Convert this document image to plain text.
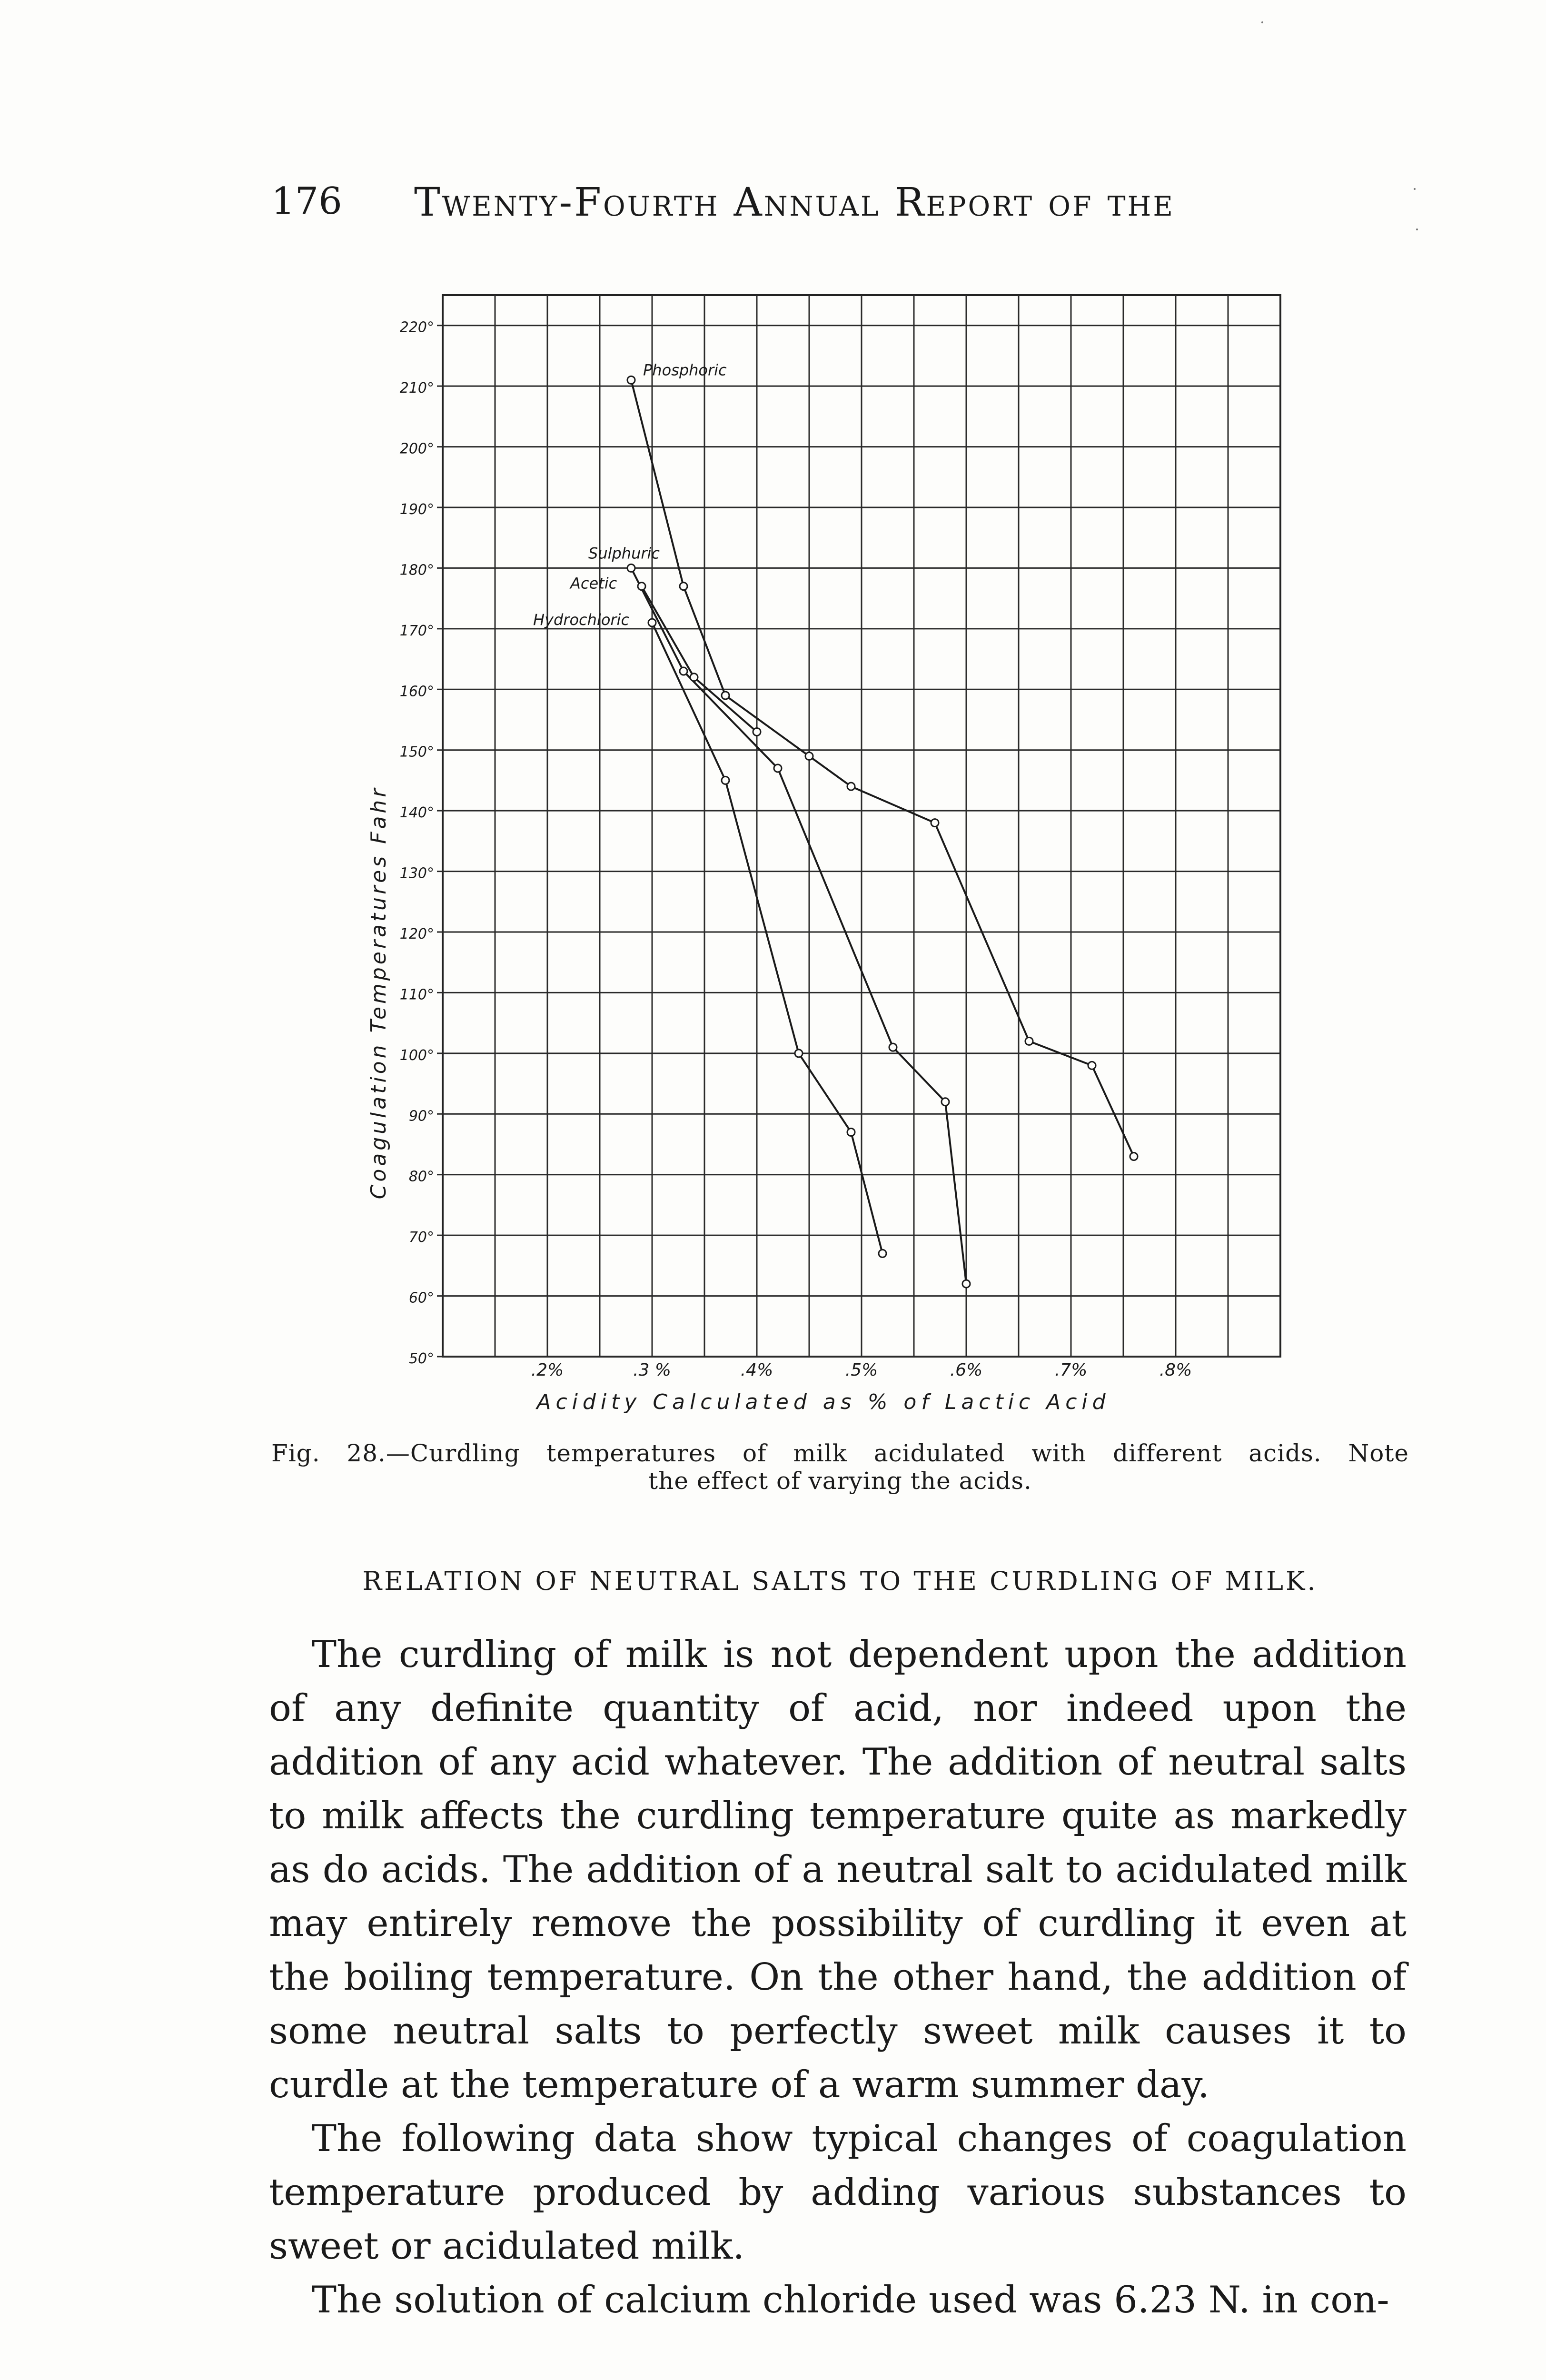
176 Twenty-Fourth Annual Report of the
Phosphoric
Sulphuric
Acetic
Hydrochloric
220°
210°
200°
190°
180°
170°
160°
150°
140°
130°
120°
110°
100°
90°
80°
70°
60°
50°
.2%	.3 %	.4%	.5%	.6%	.7%	.8%
Coagulation Temperatures Fahr
Acidity Calculated as % of Lactic Acid
Fig. 28.—Curdling temperatures of milk acidulated with different acids. Note
the effect of varying the acids.
RELATION OF NEUTRAL SALTS TO THE CURDLING OF MILK.

The curdling of milk is not dependent upon the addition of any definite quantity of acid, nor indeed upon the addition of any acid whatever. The addition of neutral salts to milk affects the curdling temperature quite as markedly as do acids. The addition of a neutral salt to acidulated milk may entirely remove the possibility of curdling it even at the boiling temperature. On the other hand, the addition of some neutral salts to perfectly sweet milk causes it to curdle at the temperature of a warm summer day.

The following data show typical changes of coagulation temperature produced by adding various substances to sweet or acidulated milk.

The solution of calcium chloride used was 6.23 N. in con-
